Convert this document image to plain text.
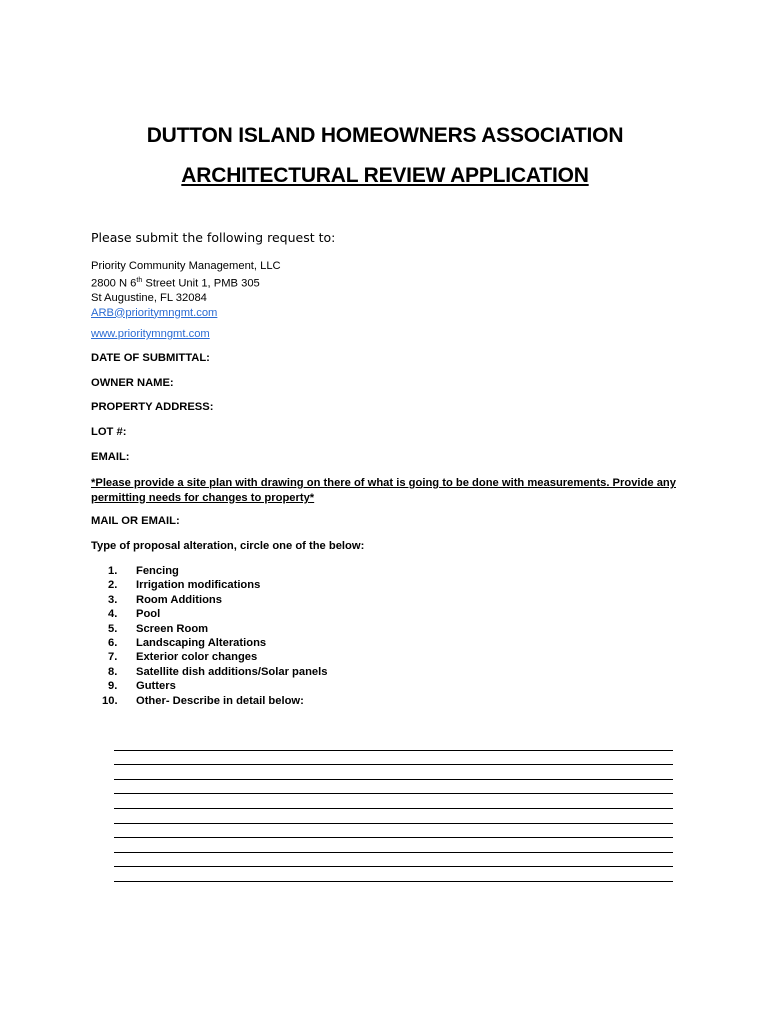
DUTTON ISLAND HOMEOWNERS ASSOCIATION
ARCHITECTURAL REVIEW APPLICATION
Please submit the following request to:
Priority Community Management, LLC
2800 N 6th Street Unit 1, PMB 305
St Augustine, FL 32084
ARB@prioritymngmt.com
www.prioritymngmt.com
DATE OF SUBMITTAL:
OWNER NAME:
PROPERTY ADDRESS:
LOT #:
EMAIL:
*Please provide a site plan with drawing on there of what is going to be done with measurements. Provide any permitting needs for changes to property*
MAIL OR EMAIL:
Type of proposal alteration, circle one of the below:
1.	Fencing
2.	Irrigation modifications
3.	Room Additions
4.	Pool
5.	Screen Room
6.	Landscaping Alterations
7.	Exterior color changes
8.	Satellite dish additions/Solar panels
9.	Gutters
10.	Other- Describe in detail below:
